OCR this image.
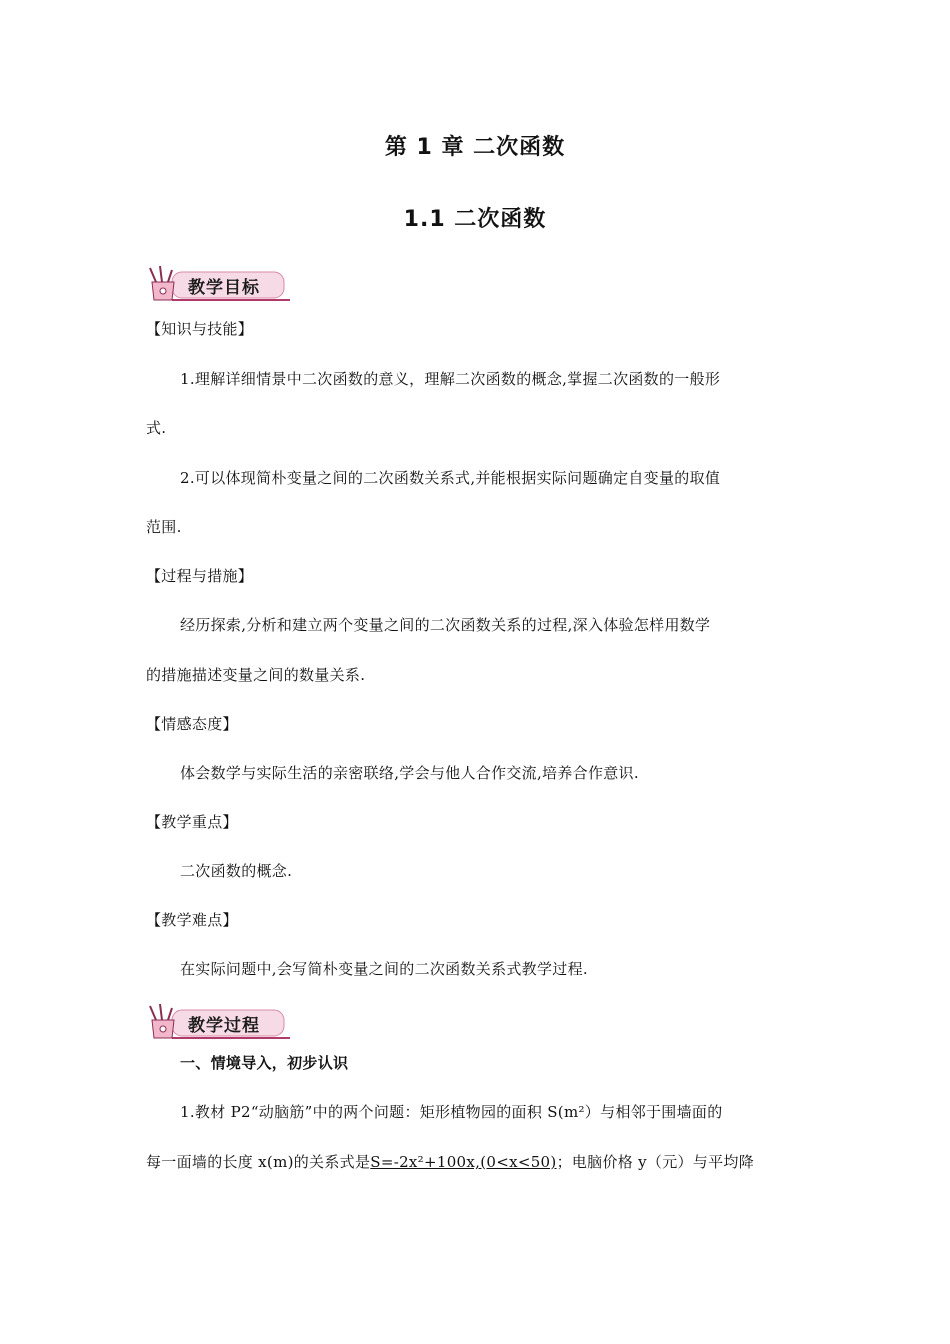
第 1 章 二次函数
1.1 二次函数
教学目标
【知识与技能】
1.理解详细情景中二次函数的意义，理解二次函数的概念,掌握二次函数的一般形
式.
2.可以体现简朴变量之间的二次函数关系式,并能根据实际问题确定自变量的取值
范围.
【过程与措施】
经历探索,分析和建立两个变量之间的二次函数关系的过程,深入体验怎样用数学
的措施描述变量之间的数量关系.
【情感态度】
体会数学与实际生活的亲密联络,学会与他人合作交流,培养合作意识.
【教学重点】
二次函数的概念.
【教学难点】
在实际问题中,会写简朴变量之间的二次函数关系式教学过程.
教学过程
一、情境导入，初步认识
1.教材 P2“动脑筋”中的两个问题：矩形植物园的面积 S(m²）与相邻于围墙面的
每一面墙的长度 x(m)的关系式是S=-2x²+100x,(0<x<50)；电脑价格 y（元）与平均降
